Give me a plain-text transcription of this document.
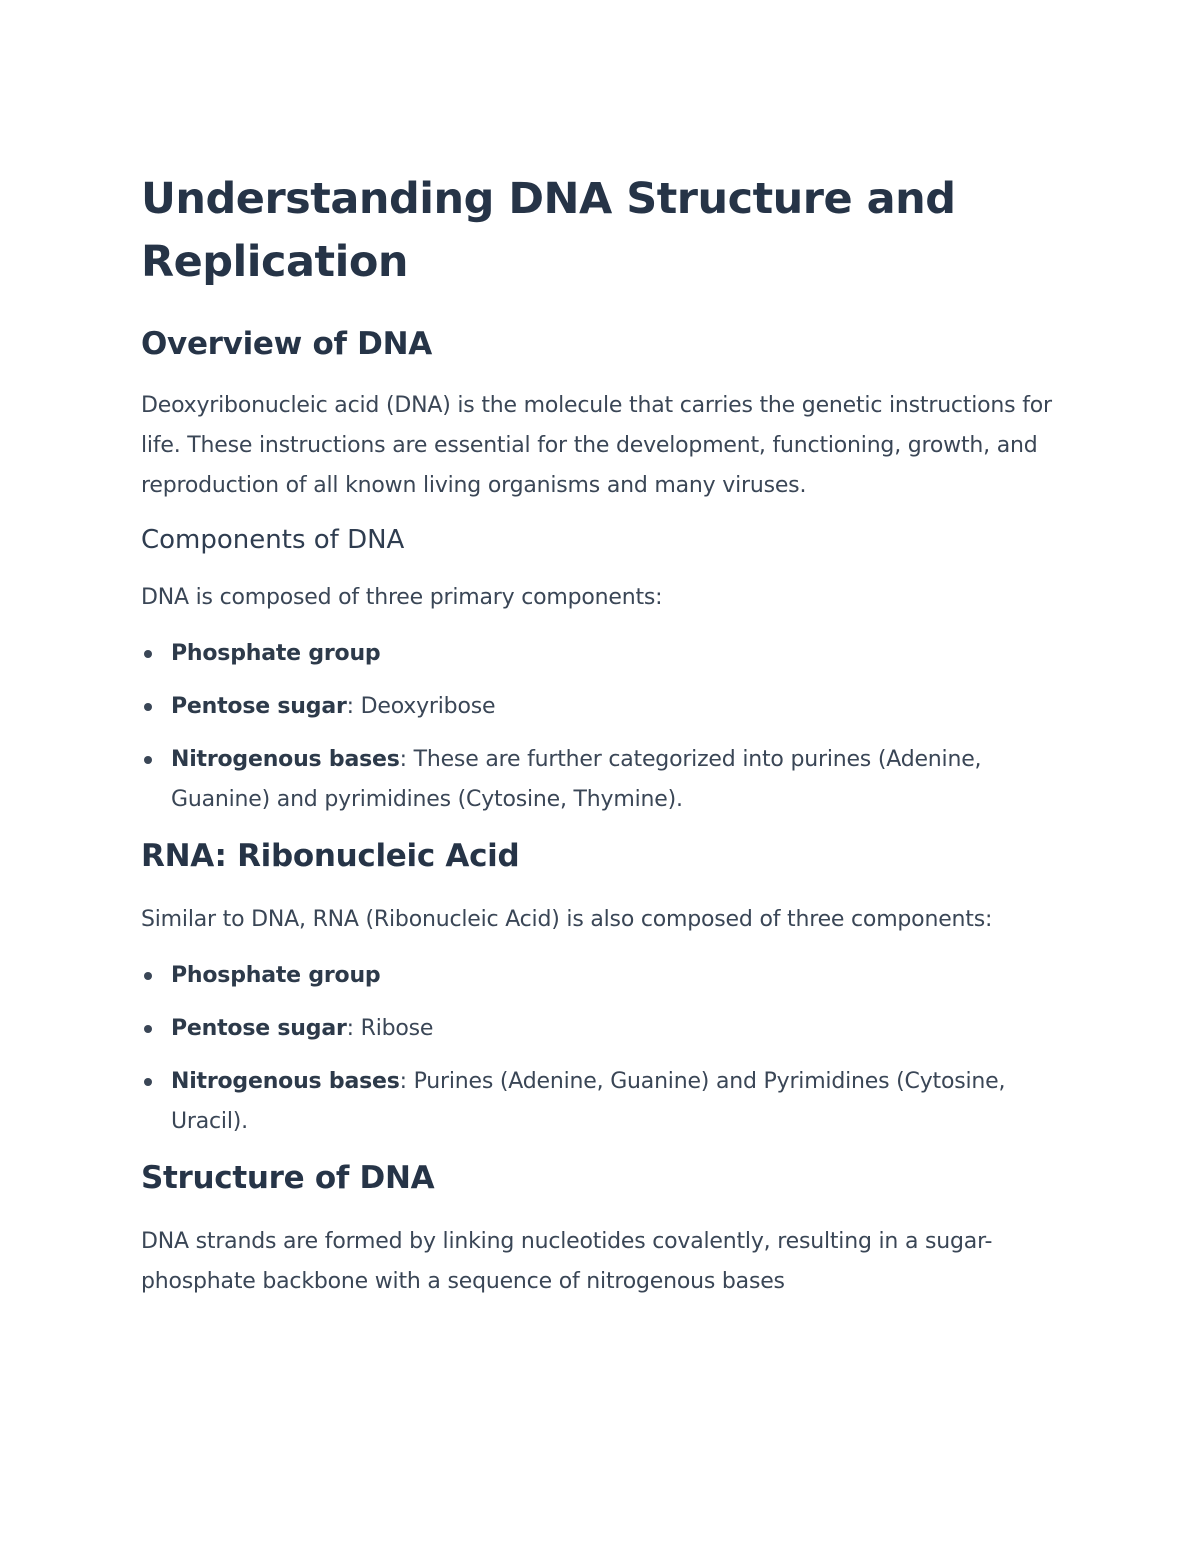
Understanding DNA Structure and Replication
Overview of DNA

Deoxyribonucleic acid (DNA) is the molecule that carries the genetic instructions for life. These instructions are essential for the development, functioning, growth, and reproduction of all known living organisms and many viruses.

Components of DNA

DNA is composed of three primary components:

Phosphate group
Pentose sugar: Deoxyribose
Nitrogenous bases: These are further categorized into purines (Adenine, Guanine) and pyrimidines (Cytosine, Thymine).
RNA: Ribonucleic Acid

Similar to DNA, RNA (Ribonucleic Acid) is also composed of three components:

Phosphate group
Pentose sugar: Ribose
Nitrogenous bases: Purines (Adenine, Guanine) and Pyrimidines (Cytosine, Uracil).
Structure of DNA

DNA strands are formed by linking nucleotides covalently, resulting in a sugar-phosphate backbone with a sequence of nitrogenous bases
